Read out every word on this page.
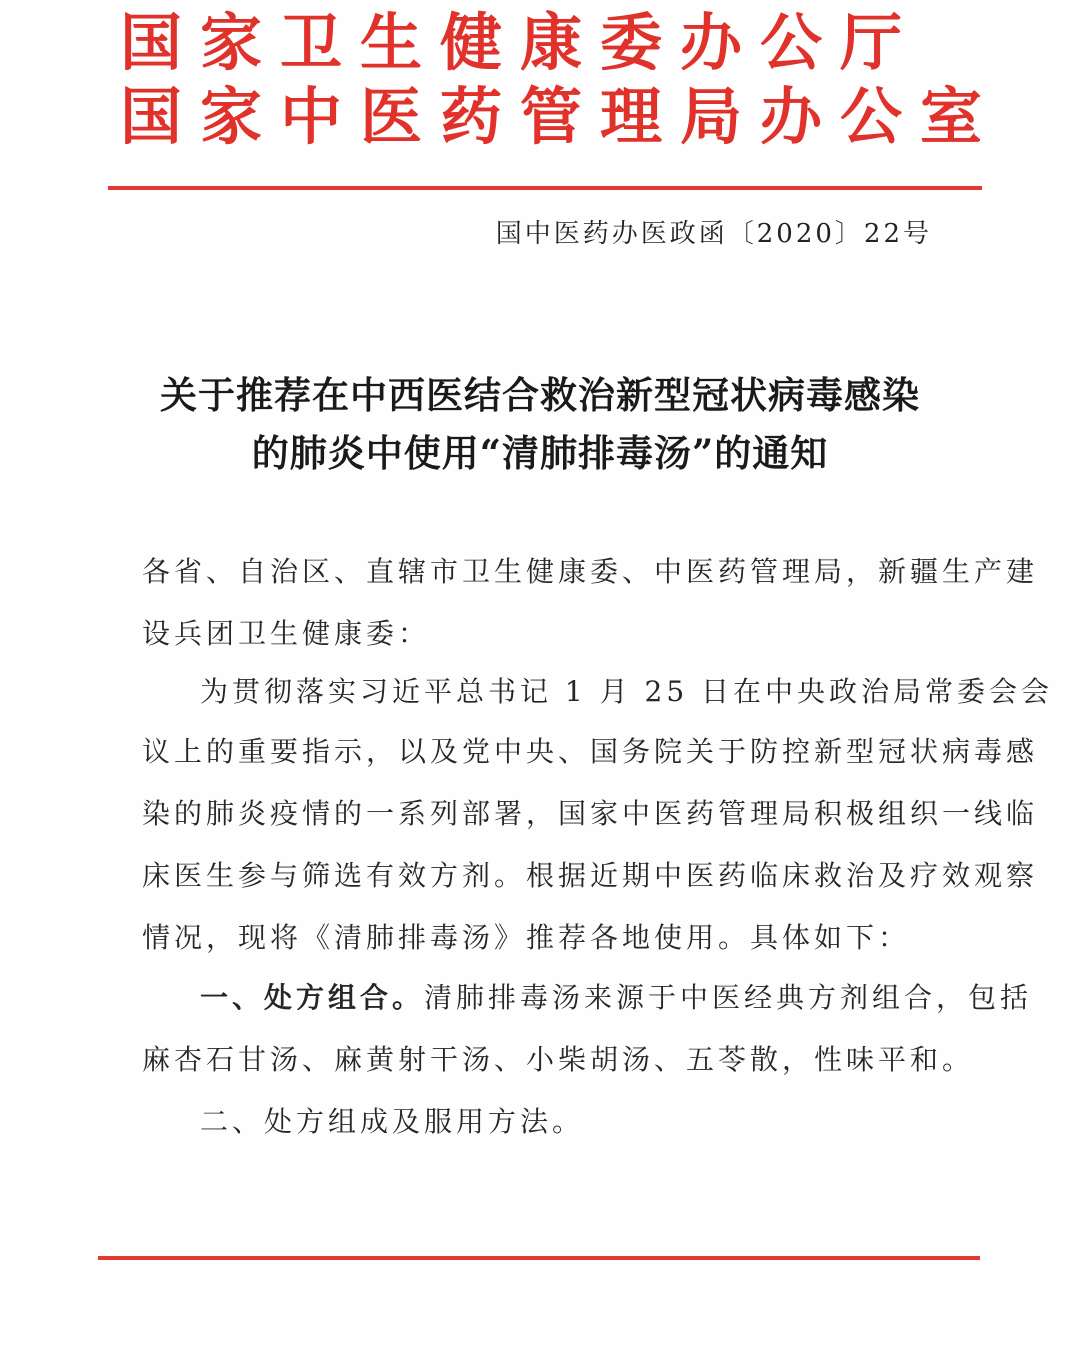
国家卫生健康委办公厅
国家中医药管理局办公室
国中医药办医政函〔2020〕22号
关于推荐在中西医结合救治新型冠状病毒感染
的肺炎中使用“清肺排毒汤”的通知
各省、自治区、直辖市卫生健康委、中医药管理局，新疆生产建
设兵团卫生健康委：
为贯彻落实习近平总书记 1 月 25 日在中央政治局常委会会
议上的重要指示，以及党中央、国务院关于防控新型冠状病毒感
染的肺炎疫情的一系列部署，国家中医药管理局积极组织一线临
床医生参与筛选有效方剂。根据近期中医药临床救治及疗效观察
情况，现将《清肺排毒汤》推荐各地使用。具体如下：
一、处方组合。清肺排毒汤来源于中医经典方剂组合，包括
麻杏石甘汤、麻黄射干汤、小柴胡汤、五苓散，性味平和。
二、处方组成及服用方法。
